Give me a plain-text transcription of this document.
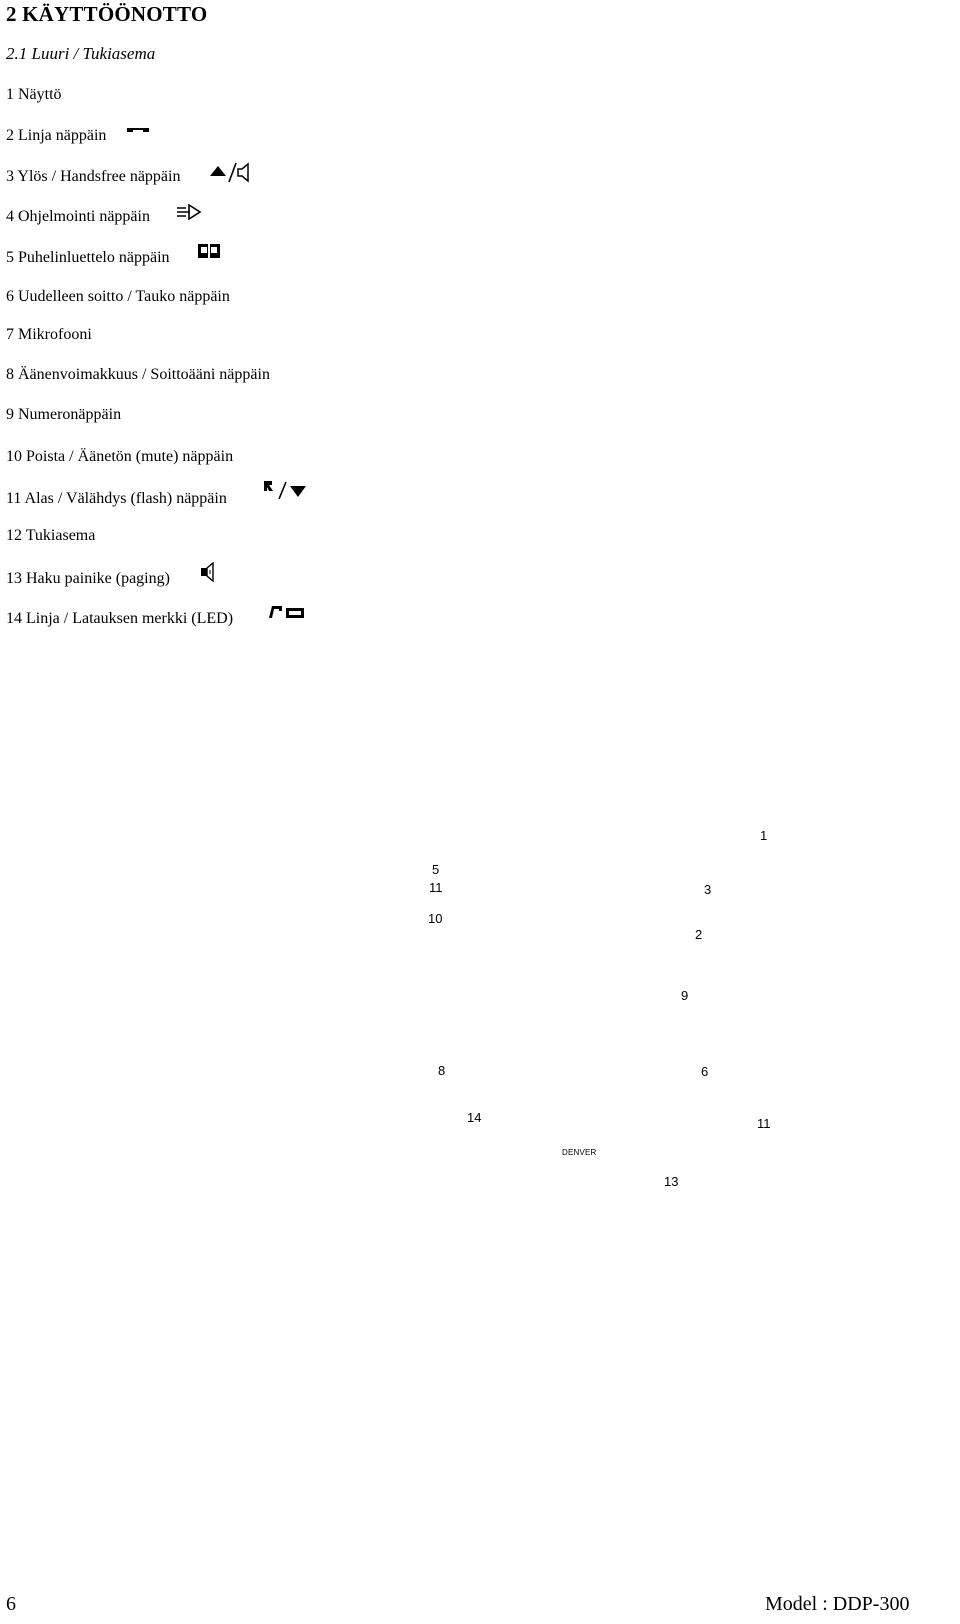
2 KÄYTTÖÖNOTTO
2.1 Luuri / Tukiasema
1 Näyttö
2 Linja näppäin
3 Ylös / Handsfree näppäin
4 Ohjelmointi näppäin
5 Puhelinluettelo näppäin
6 Uudelleen soitto / Tauko näppäin
7 Mikrofooni
8 Äänenvoimakkuus / Soittoääni näppäin
9 Numeronäppäin
10 Poista / Äänetön (mute) näppäin
11 Alas / Välähdys (flash) näppäin
12 Tukiasema
13 Haku painike (paging)
14 Linja / Latauksen merkki (LED)
1
5
11	3
10
2
9
8	6
14	11
13
DENVER
6	Model : DDP-300
